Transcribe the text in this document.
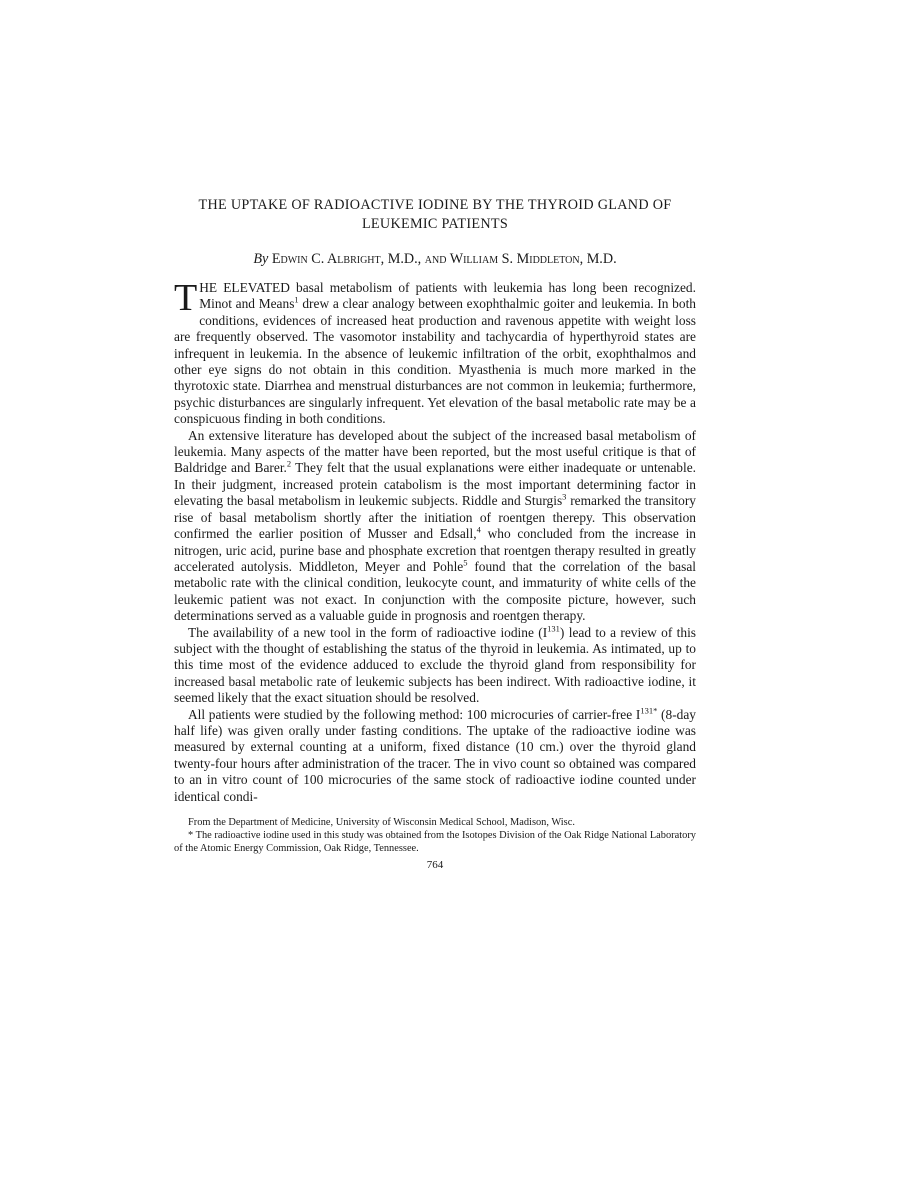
THE UPTAKE OF RADIOACTIVE IODINE BY THE THYROID GLAND OF LEUKEMIC PATIENTS
By Edwin C. Albright, M.D., and William S. Middleton, M.D.

THE ELEVATED basal metabolism of patients with leukemia has long been recognized. Minot and Means$^1$ drew a clear analogy between exophthalmic goiter and leukemia. In both conditions, evidences of increased heat production and ravenous appetite with weight loss are frequently observed. The vasomotor instability and tachycardia of hyperthyroid states are infrequent in leukemia. In the absence of leukemic infiltration of the orbit, exophthalmos and other eye signs do not obtain in this condition. Myasthenia is much more marked in the thyrotoxic state. Diarrhea and menstrual disturbances are not common in leukemia; furthermore, psychic disturbances are singularly infrequent. Yet elevation of the basal metabolic rate may be a conspicuous finding in both conditions.

An extensive literature has developed about the subject of the increased basal metabolism of leukemia. Many aspects of the matter have been reported, but the most useful critique is that of Baldridge and Barer.$^2$ They felt that the usual explanations were either inadequate or untenable. In their judgment, increased protein catabolism is the most important determining factor in elevating the basal metabolism in leukemic subjects. Riddle and Sturgis$^3$ remarked the transitory rise of basal metabolism shortly after the initiation of roentgen therepy. This observation confirmed the earlier position of Musser and Edsall,$^4$ who concluded from the increase in nitrogen, uric acid, purine base and phosphate excretion that roentgen therapy resulted in greatly accelerated autolysis. Middleton, Meyer and Pohle$^5$ found that the correlation of the basal metabolic rate with the clinical condition, leukocyte count, and immaturity of white cells of the leukemic patient was not exact. In conjunction with the composite picture, however, such determinations served as a valuable guide in prognosis and roentgen therapy.

The availability of a new tool in the form of radioactive iodine $(I^{131})$ lead to a review of this subject with the thought of establishing the status of the thyroid in leukemia. As intimated, up to this time most of the evidence adduced to exclude the thyroid gland from responsibility for increased basal metabolic rate of leukemic subjects has been indirect. With radioactive iodine, it seemed likely that the exact situation should be resolved.

All patients were studied by the following method: 100 microcuries of carrier-free $I^{131*}$ (8-day half life) was given orally under fasting conditions. The uptake of the radioactive iodine was measured by external counting at a uniform, fixed distance (10 cm.) over the thyroid gland twenty-four hours after administration of the tracer. The in vivo count so obtained was compared to an in vitro count of 100 microcuries of the same stock of radioactive iodine counted under identical condi-

From the Department of Medicine, University of Wisconsin Medical School, Madison, Wisc.

* The radioactive iodine used in this study was obtained from the Isotopes Division of the Oak Ridge National Laboratory of the Atomic Energy Commission, Oak Ridge, Tennessee.

764
